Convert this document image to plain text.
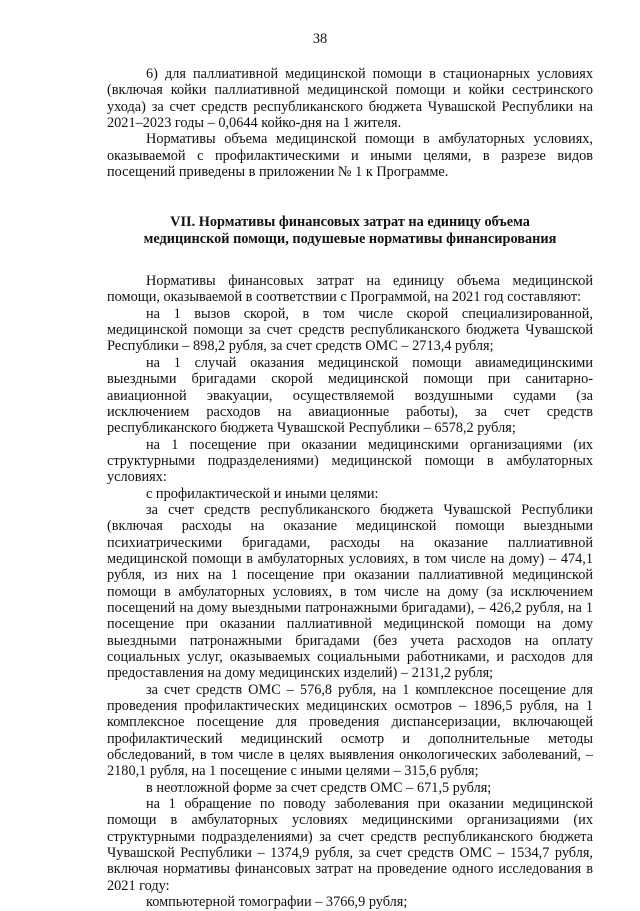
38

6) для паллиативной медицинской помощи в стационарных условиях (включая койки паллиативной медицинской помощи и койки сестринского ухода) за счет средств республиканского бюджета Чувашской Республики на 2021–2023 годы – 0,0644 койко-дня на 1 жителя.

Нормативы объема медицинской помощи в амбулаторных условиях, оказываемой с профилактическими и иными целями, в разрезе видов посещений приведены в приложении № 1 к Программе.

VII. Нормативы финансовых затрат на единицу объема
медицинской помощи, подушевые нормативы финансирования

Нормативы финансовых затрат на единицу объема медицинской помощи, оказываемой в соответствии с Программой, на 2021 год составляют:

на 1 вызов скорой, в том числе скорой специализированной, медицинской помощи за счет средств республиканского бюджета Чувашской Республики – 898,2 рубля, за счет средств ОМС – 2713,4 рубля;

на 1 случай оказания медицинской помощи авиамедицинскими выездными бригадами скорой медицинской помощи при санитарно-авиационной эвакуации, осуществляемой воздушными судами (за исключением расходов на авиационные работы), за счет средств республиканского бюджета Чувашской Республики – 6578,2 рубля;

на 1 посещение при оказании медицинскими организациями (их структурными подразделениями) медицинской помощи в амбулаторных условиях:

с профилактической и иными целями:

за счет средств республиканского бюджета Чувашской Республики (включая расходы на оказание медицинской помощи выездными психиатрическими бригадами, расходы на оказание паллиативной медицинской помощи в амбулаторных условиях, в том числе на дому) – 474,1 рубля, из них на 1 посещение при оказании паллиативной медицинской помощи в амбулаторных условиях, в том числе на дому (за исключением посещений на дому выездными патронажными бригадами), – 426,2 рубля, на 1 посещение при оказании паллиативной медицинской помощи на дому выездными патронажными бригадами (без учета расходов на оплату социальных услуг, оказываемых социальными работниками, и расходов для предоставления на дому медицинских изделий) – 2131,2 рубля;

за счет средств ОМС – 576,8 рубля, на 1 комплексное посещение для проведения профилактических медицинских осмотров – 1896,5 рубля, на 1 комплексное посещение для проведения диспансеризации, включающей профилактический медицинский осмотр и дополнительные методы обследований, в том числе в целях выявления онкологических заболеваний, – 2180,1 рубля, на 1 посещение с иными целями – 315,6 рубля;

в неотложной форме за счет средств ОМС – 671,5 рубля;

на 1 обращение по поводу заболевания при оказании медицинской помощи в амбулаторных условиях медицинскими организациями (их структурными подразделениями) за счет средств республиканского бюджета Чувашской Республики – 1374,9 рубля, за счет средств ОМС – 1534,7 рубля, включая нормативы финансовых затрат на проведение одного исследования в 2021 году:

компьютерной томографии – 3766,9 рубля;
